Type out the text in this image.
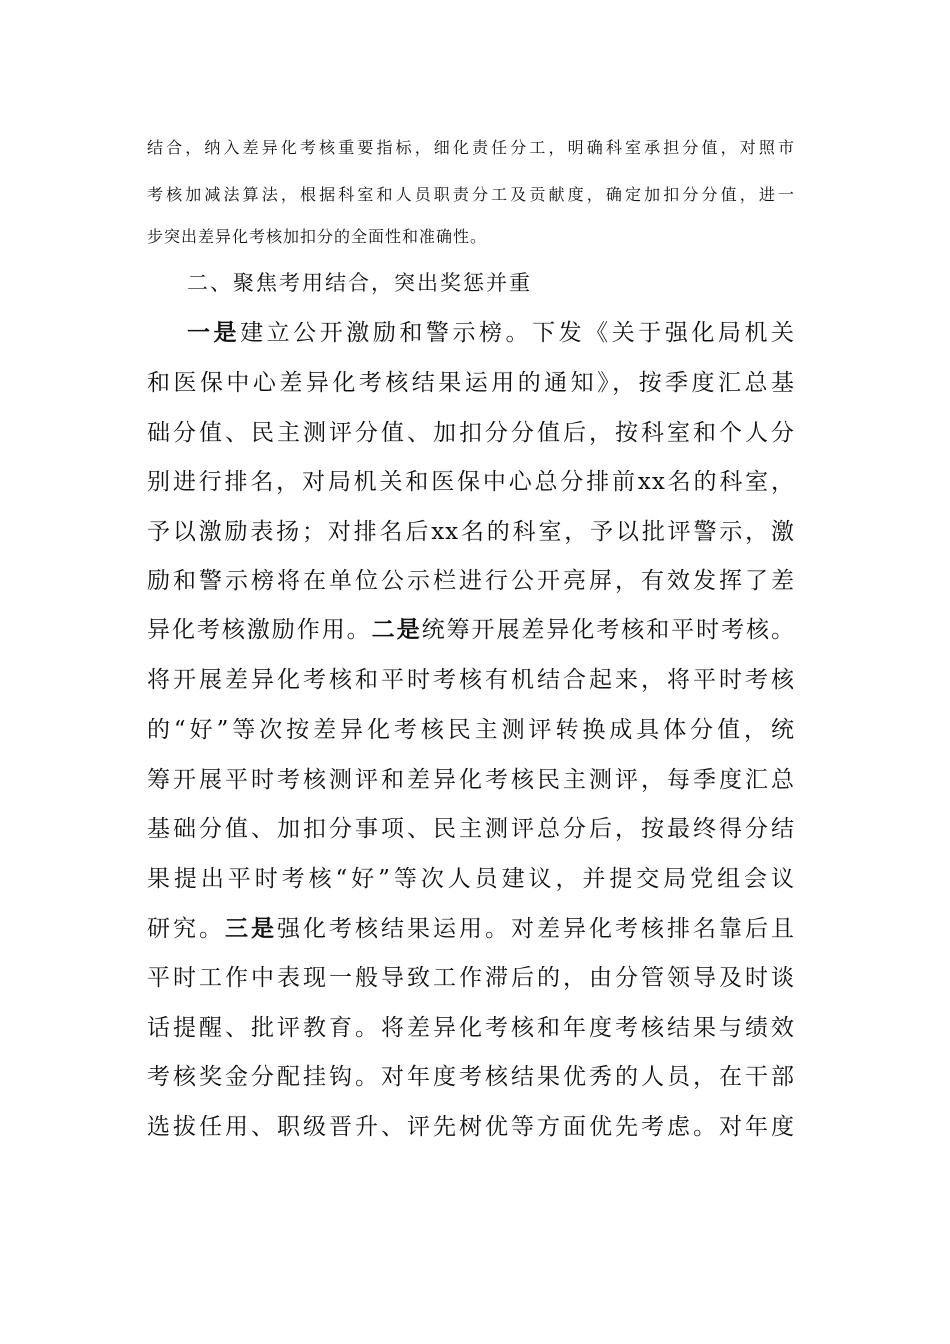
结合，纳入差异化考核重要指标，细化责任分工，明确科室承担分值，对照市
考核加减法算法，根据科室和人员职责分工及贡献度，确定加扣分分值，进一
步突出差异化考核加扣分的全面性和准确性。
二、聚焦考用结合，突出奖惩并重
一是建立公开激励和警示榜。下发《关于强化局机关
和医保中心差异化考核结果运用的通知》，按季度汇总基
础分值、民主测评分值、加扣分分值后，按科室和个人分
别进行排名，对局机关和医保中心总分排前xx名的科室，
予以激励表扬；对排名后xx名的科室，予以批评警示，激
励和警示榜将在单位公示栏进行公开亮屏，有效发挥了差
异化考核激励作用。二是统筹开展差异化考核和平时考核。
将开展差异化考核和平时考核有机结合起来，将平时考核
的“好”等次按差异化考核民主测评转换成具体分值，统
筹开展平时考核测评和差异化考核民主测评，每季度汇总
基础分值、加扣分事项、民主测评总分后，按最终得分结
果提出平时考核“好”等次人员建议，并提交局党组会议
研究。三是强化考核结果运用。对差异化考核排名靠后且
平时工作中表现一般导致工作滞后的，由分管领导及时谈
话提醒、批评教育。将差异化考核和年度考核结果与绩效
考核奖金分配挂钩。对年度考核结果优秀的人员，在干部
选拔任用、职级晋升、评先树优等方面优先考虑。对年度
